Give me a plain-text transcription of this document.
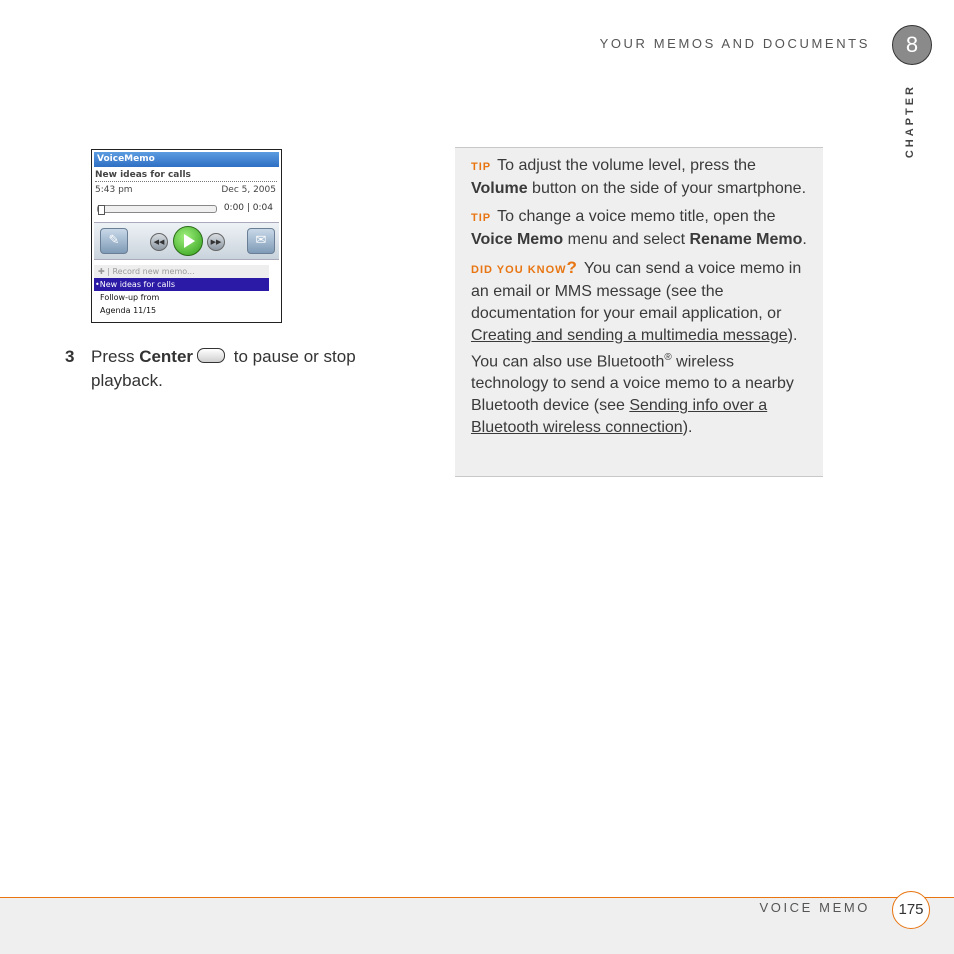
YOUR MEMOS AND DOCUMENTS	8
CHAPTER
VoiceMemo
New ideas for calls
5:43 pm	Dec 5, 2005
0:00 | 0:04
✎	◀◀	▶▶	✉
✚ | Record new memo...
•New ideas for calls
Follow-up from
Agenda 11/15
3 Press Center to pause or stop playback.

TIP To adjust the volume level, press the Volume button on the side of your smartphone.

TIP To change a voice memo title, open the Voice Memo menu and select Rename Memo.

DID YOU KNOW? You can send a voice memo in an email or MMS message (see the documentation for your email application, or Creating and sending a multimedia message). You can also use Bluetooth® wireless technology to send a voice memo to a nearby Bluetooth device (see Sending info over a Bluetooth wireless connection).

VOICE MEMO	175
